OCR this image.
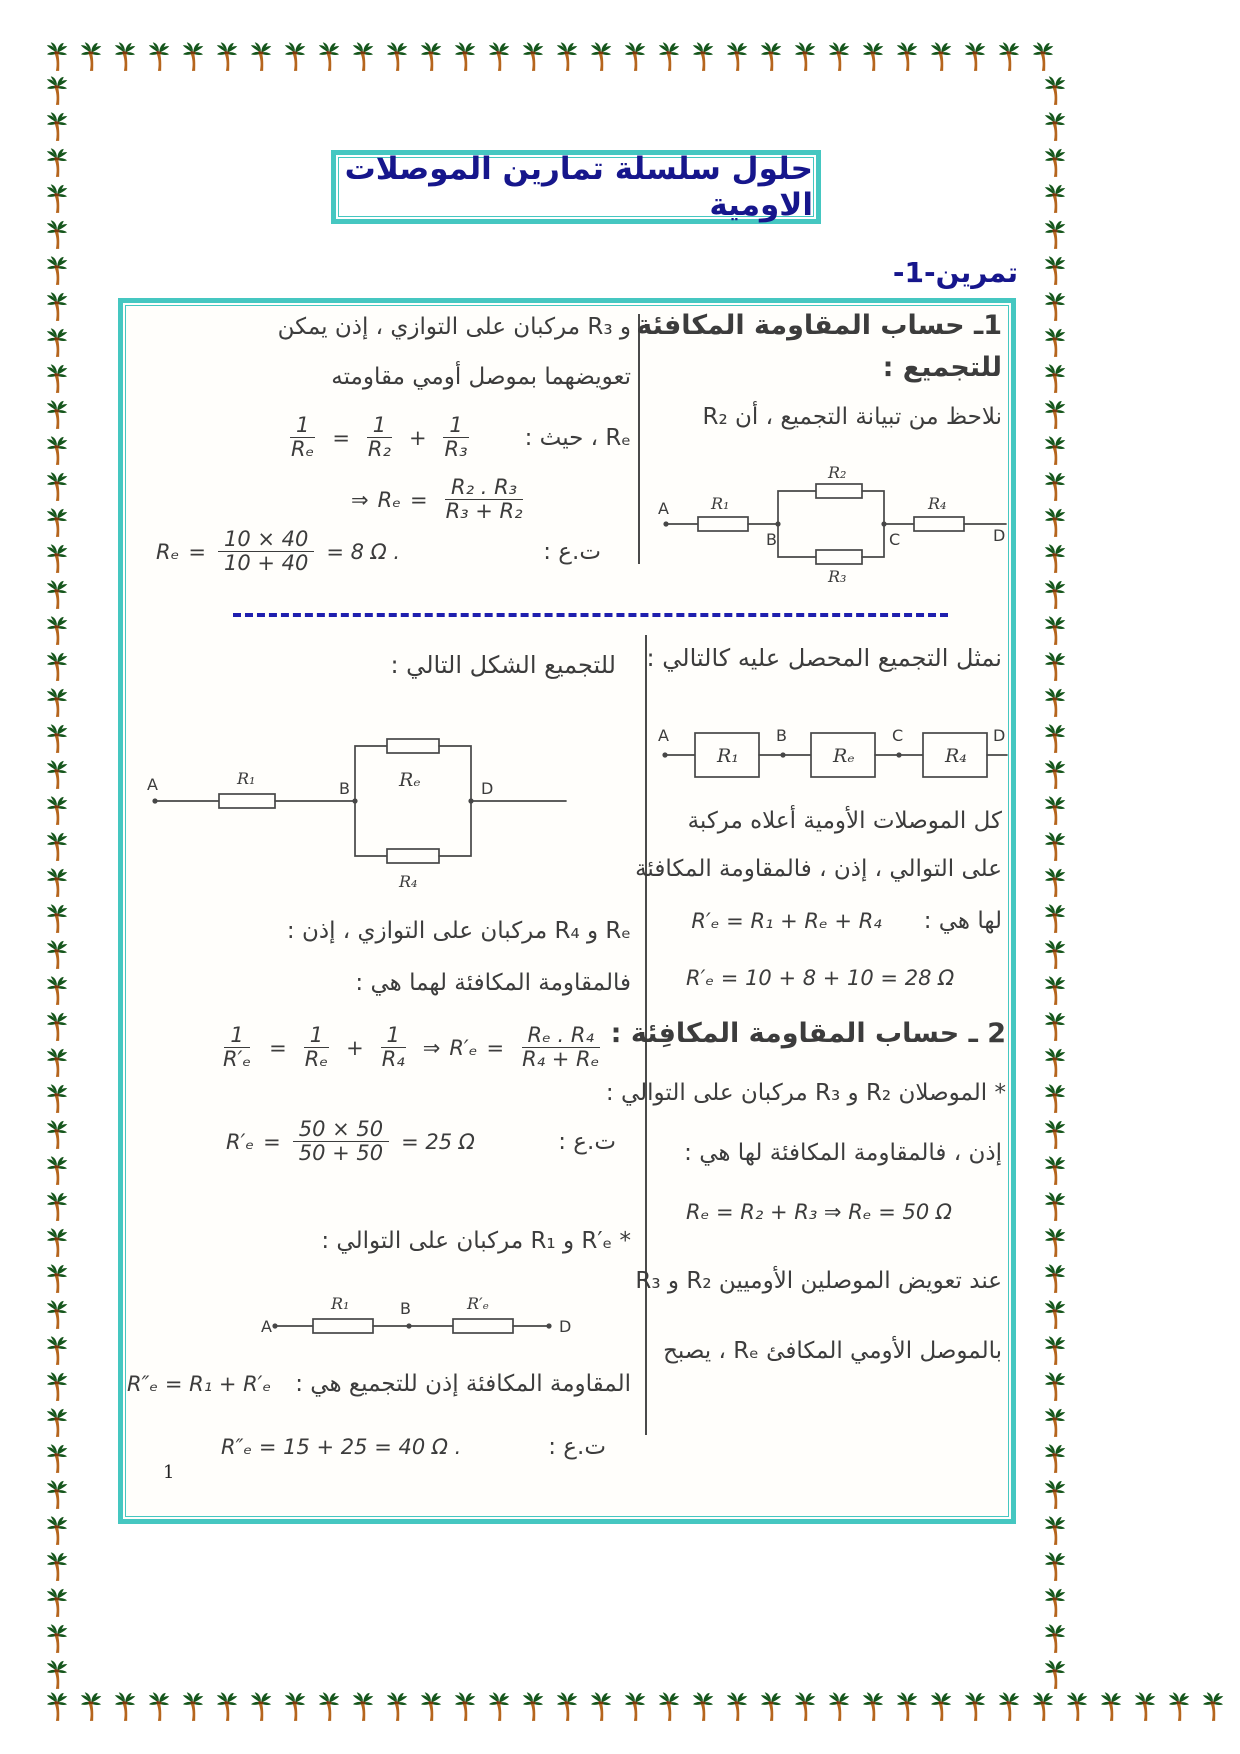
حلول سلسلة تمارين الموصلات الاومية
تمرين-1-
1ـ حساب المقاومة المكافئة
للتجميع :
نلاحظ من تبيانة التجميع ، أن R₂
A
B	C	D
R₁
R₂
R₃
R₄
نمثل التجميع المحصل عليه كالتالي :
A	B	C	D
R₁	Rₑ	R₄
كل الموصلات الأومية أعلاه مركبة
على التوالي ، إذن ، فالمقاومة المكافئة
لها هي :
R′ₑ = R₁ + Rₑ + R₄
R′ₑ = 10 + 8 + 10 = 28 Ω
2 ـ حساب المقاومة المكافِئة :
* الموصلان R₂ و R₃ مركبان على التوالي :
إذن ، فالمقاومة المكافئة لها هي :
Rₑ = R₂ + R₃ ⇒ Rₑ = 50 Ω
عند تعويض الموصلين الأوميين R₂ و R₃
بالموصل الأومي المكافئ Rₑ ، يصبح
و R₃ مركبان على التوازي ، إذن يمكن
تعويضهما بموصل أومي مقاومته
Rₑ ، حيث :
$\frac{1}{\text{Rₑ}} = \frac{1}{\text{R₂}} + \frac{1}{\text{R₃}}$
⇒ $R_e = \frac{\text{R₂ . R₃}}{\text{R₃ + R₂}}$
$R_e = \frac{10 \times 40}{10 + 40} = 8$ Ω .	ت.ع :
للتجميع الشكل التالي :
A	B	D
R₁	Rₑ
R₄
Rₑ و R₄ مركبان على التوازي ، إذن :
فالمقاومة المكافئة لهما هي :
$\frac{1}{\text{R′ₑ}} = \frac{1}{\text{Rₑ}} + \frac{1}{\text{R₄}}$ ⇒ $R'_e = \frac{\text{Rₑ . R₄}}{\text{R₄ + Rₑ}}$
$R'_e = \frac{50 \times 50}{50 + 50} = 25$ Ω	ت.ع :
* R′ₑ و R₁ مركبان على التوالي :
A
B
D
R₁	R′ₑ
المقاومة المكافئة إذن للتجميع هي :
R″ₑ = R₁ + R′ₑ
R″ₑ = 15 + 25 = 40 Ω .	ت.ع :
1
